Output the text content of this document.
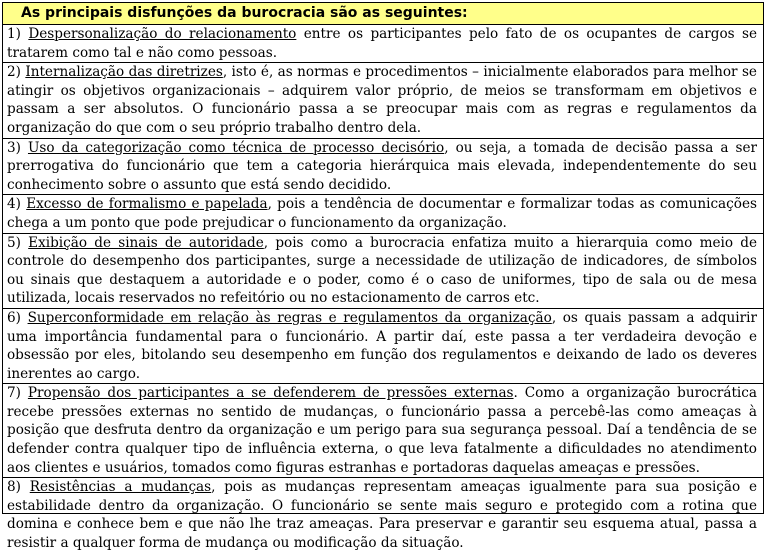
As principais disfunções da burocracia são as seguintes:
1) Despersonalização do relacionamento entre os participantes pelo fato de os ocupantes de cargos se tratarem como tal e não como pessoas.
2) Internalização das diretrizes, isto é, as normas e procedimentos – inicialmente elaborados para melhor se atingir os objetivos organizacionais – adquirem valor próprio, de meios se transformam em objetivos e passam a ser absolutos. O funcionário passa a se preocupar mais com as regras e regulamentos da organização do que com o seu próprio trabalho dentro dela.
3) Uso da categorização como técnica de processo decisório, ou seja, a tomada de decisão passa a ser prerrogativa do funcionário que tem a categoria hierárquica mais elevada, independentemente do seu conhecimento sobre o assunto que está sendo decidido.
4) Excesso de formalismo e papelada, pois a tendência de documentar e formalizar todas as comunicações chega a um ponto que pode prejudicar o funcionamento da organização.
5) Exibição de sinais de autoridade, pois como a burocracia enfatiza muito a hierarquia como meio de controle do desempenho dos participantes, surge a necessidade de utilização de indicadores, de símbolos ou sinais que destaquem a autoridade e o poder, como é o caso de uniformes, tipo de sala ou de mesa utilizada, locais reservados no refeitório ou no estacionamento de carros etc.
6) Superconformidade em relação às regras e regulamentos da organização, os quais passam a adquirir uma importância fundamental para o funcionário. A partir daí, este passa a ter verdadeira devoção e obsessão por eles, bitolando seu desempenho em função dos regulamentos e deixando de lado os deveres inerentes ao cargo.
7) Propensão dos participantes a se defenderem de pressões externas. Como a organização burocrática recebe pressões externas no sentido de mudanças, o funcionário passa a percebê-las como ameaças à posição que desfruta dentro da organização e um perigo para sua segurança pessoal. Daí a tendência de se defender contra qualquer tipo de influência externa, o que leva fatalmente a dificuldades no atendimento aos clientes e usuários, tomados como figuras estranhas e portadoras daquelas ameaças e pressões.
8) Resistências a mudanças, pois as mudanças representam ameaças igualmente para sua posição e estabilidade dentro da organização. O funcionário se sente mais seguro e protegido com a rotina que domina e conhece bem e que não lhe traz ameaças. Para preservar e garantir seu esquema atual, passa a resistir a qualquer forma de mudança ou modificação da situação.
